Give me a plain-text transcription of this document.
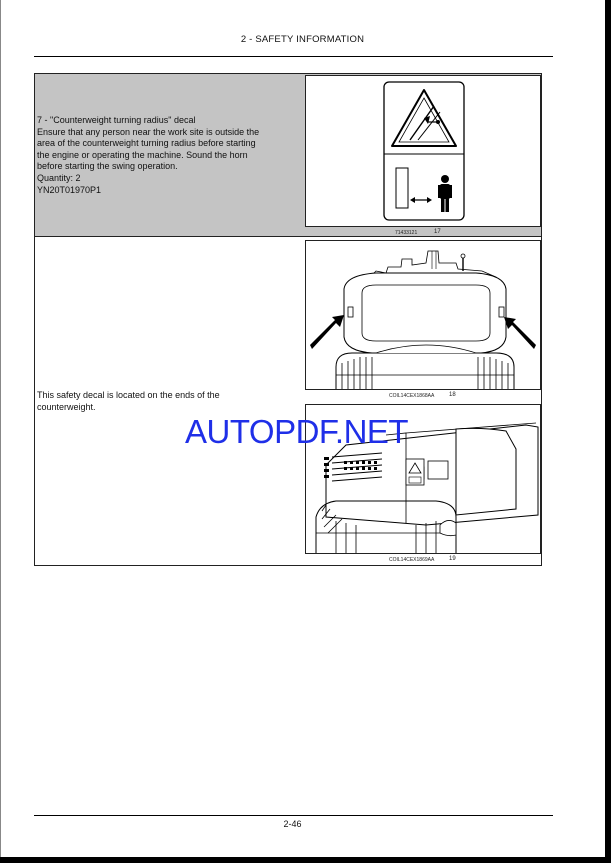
2 - SAFETY INFORMATION
7 - "Counterweight turning radius" decal
Ensure that any person near the work site is outside the
area of the counterweight turning radius before starting
the engine or operating the machine. Sound the horn
before starting the swing operation.
Quantity: 2
YN20T01970P1
71433121	17
COIL14CEX1868AA 18
This safety decal is located on the ends of the
counterweight.
COIL14CEX1869AA 19
AUTOPDF.NET
2-46
